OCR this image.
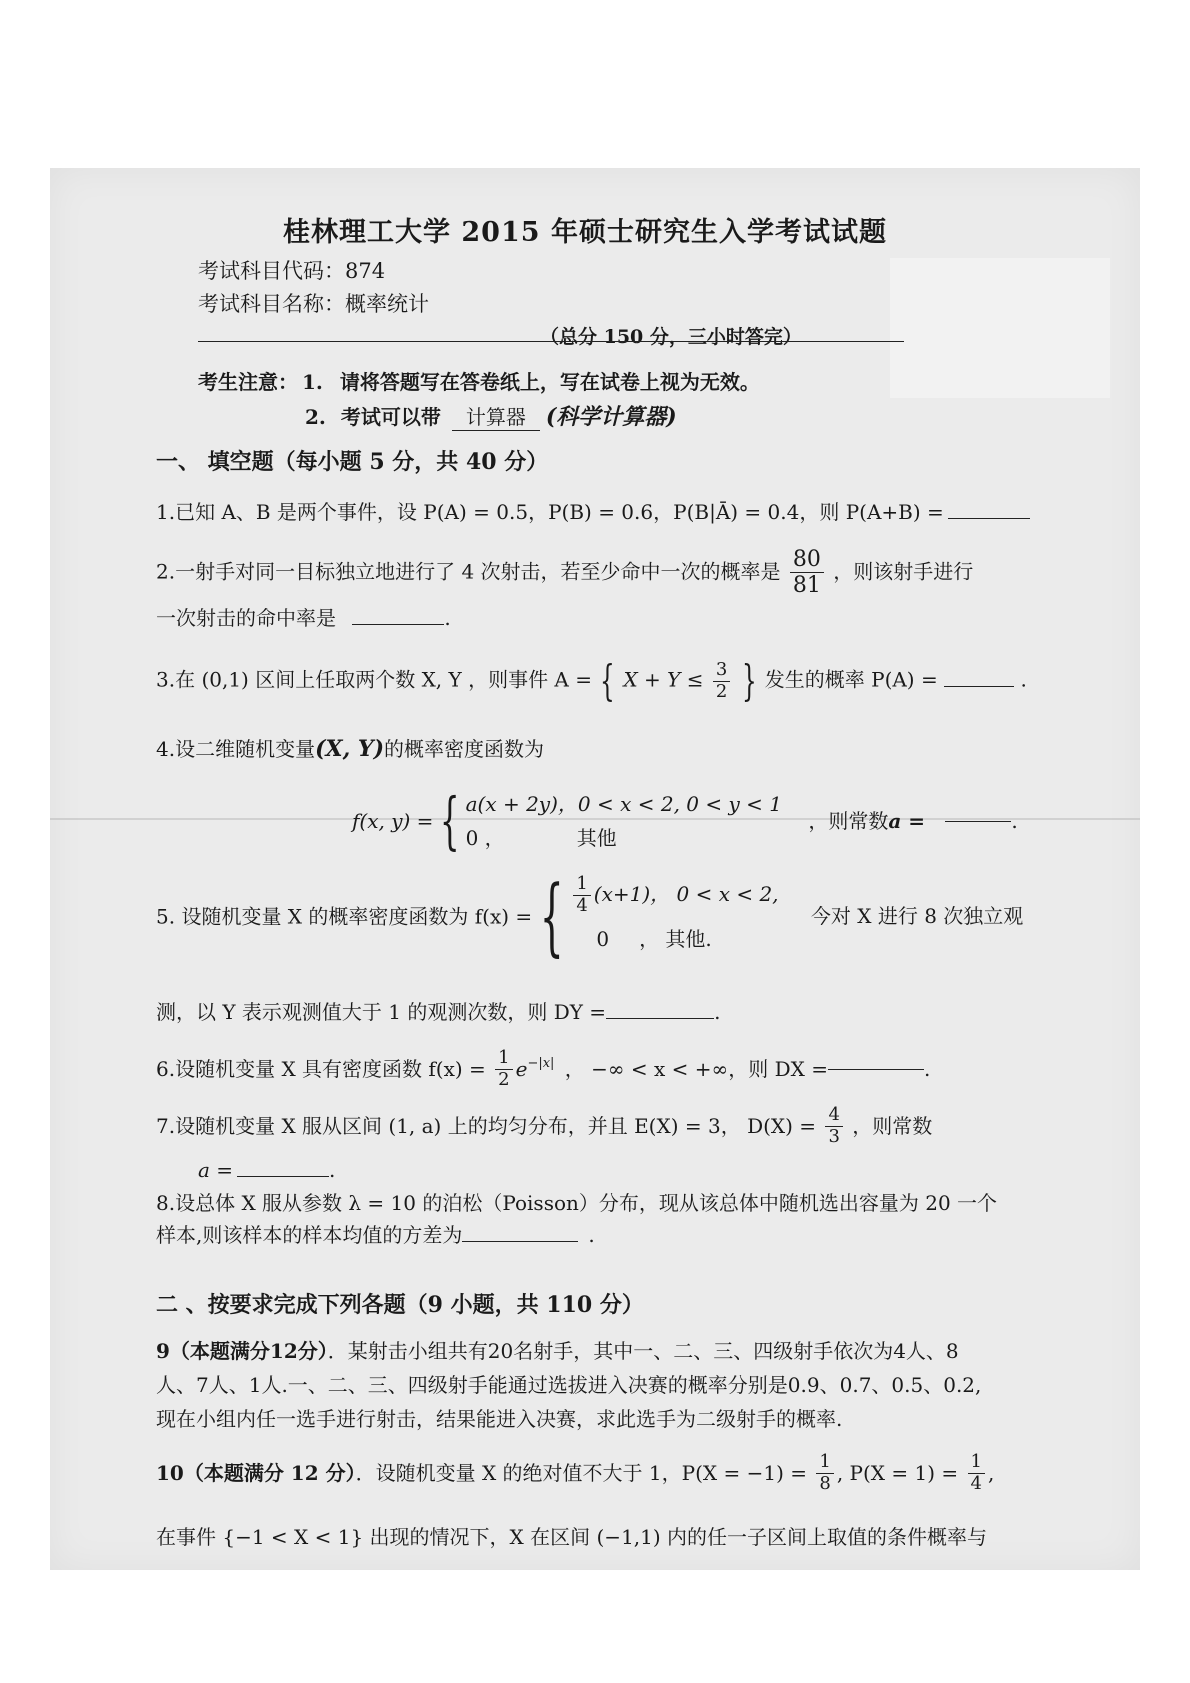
桂林理工大学 2015 年硕士研究生入学考试试题
考试科目代码：874
考试科目名称：概率统计
（总分 150 分，三小时答完）
考生注意： 1. 请将答题写在答卷纸上，写在试卷上视为无效。
2. 考试可以带 计算器 (科学计算器)
一、 填空题（每小题 5 分，共 40 分）
1.已知 A、B 是两个事件，设 P(A) = 0.5，P(B) = 0.6，P(B|Ā) = 0.4，则 P(A+B) =
2.一射手对同一目标独立地进行了 4 次射击，若至少命中一次的概率是 $\frac{80}{81}$ ，则该射手进行
一次射击的命中率是	.
3.在 (0,1) 区间上任取两个数 X, Y ，则事件 A = { $X + Y \le \frac{3}{2}$ } 发生的概率 P(A) =	.
4.设二维随机变量(X, Y)的概率密度函数为
f(x, y) = { a(x + 2y)，0 < x < 2, 0 < y < 1
0 ，	其他
，则常数a =	.
5. 设随机变量 X 的概率密度函数为 f(x) = { $\frac{1}{4} (x+1)$， 0 < x < 2,
0 ， 其他.
今对 X 进行 8 次独立观
测，以 Y 表示观测值大于 1 的观测次数，则 DY =	.
6.设随机变量 X 具有密度函数 $f(x) = \frac{1}{2} e^{-|x|}$ ， −∞ < x < +∞，则 DX =	.
7.设随机变量 X 服从区间 (1, a) 上的均匀分布，并且 E(X) = 3， $D(X) = \frac{4}{3}$ ，则常数
a =	.
8.设总体 X 服从参数 λ = 10 的泊松（Poisson）分布，现从该总体中随机选出容量为 20 一个
样本,则该样本的样本均值的方差为	.
二 、按要求完成下列各题（9 小题，共 110 分）
9（本题满分12分）．某射击小组共有20名射手，其中一、二、三、四级射手依次为4人、8
人、7人、1人.一、二、三、四级射手能通过选拔进入决赛的概率分别是0.9、0.7、0.5、0.2,
现在小组内任一选手进行射击，结果能进入决赛，求此选手为二级射手的概率.
10（本题满分 12 分）．设随机变量 X 的绝对值不大于 1，$P(X = -1) = \frac{1}{8}$ , $P(X = 1) = \frac{1}{4}$ ,
在事件 {−1 < X < 1} 出现的情况下，X 在区间 (−1,1) 内的任一子区间上取值的条件概率与
